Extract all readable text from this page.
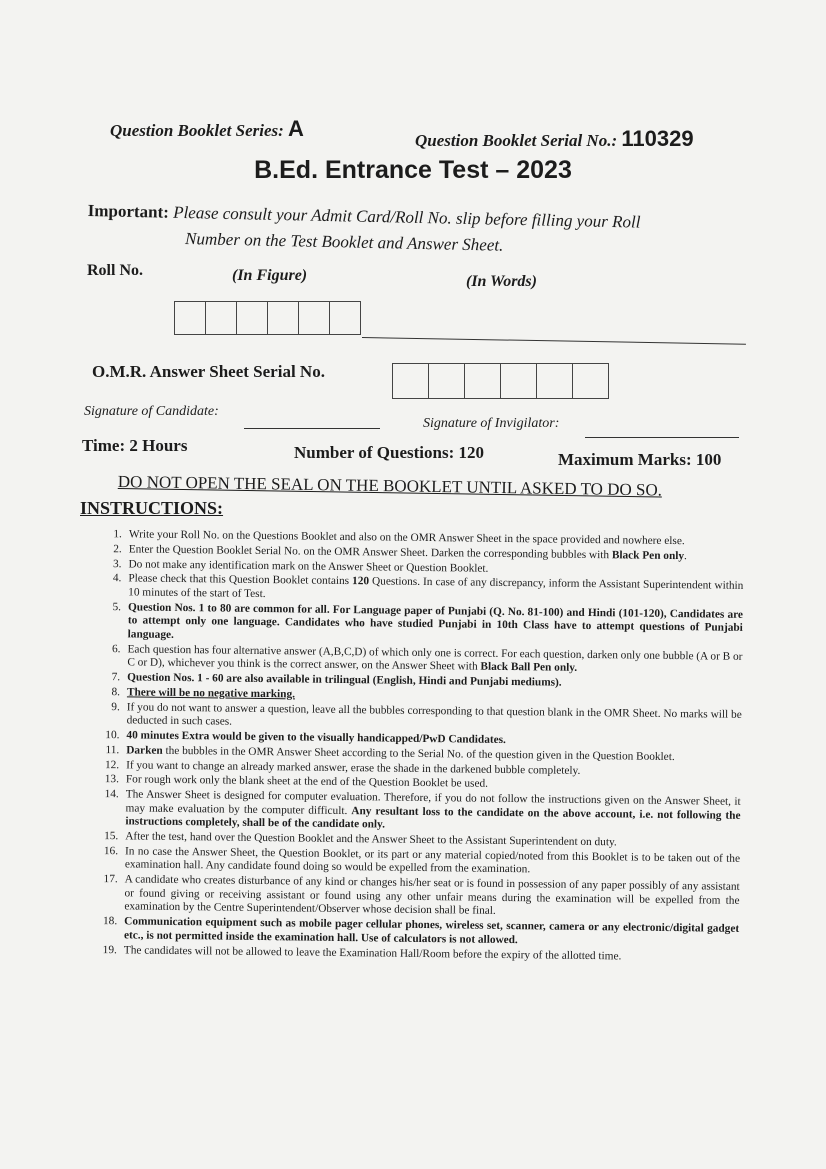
Question Booklet Series: A	Question Booklet Serial No.: 110329
B.Ed. Entrance Test – 2023
Important: Please consult your Admit Card/Roll No. slip before filling your Roll
Number on the Test Booklet and Answer Sheet.
Roll No.	(In Figure)	(In Words)
O.M.R. Answer Sheet Serial No.
Signature of Candidate:
Signature of Invigilator:
Time: 2 Hours	Number of Questions: 120	Maximum Marks: 100
DO NOT OPEN THE SEAL ON THE BOOKLET UNTIL ASKED TO DO SO.
INSTRUCTIONS:
1. Write your Roll No. on the Questions Booklet and also on the OMR Answer Sheet in the space provided and nowhere else.
2. Enter the Question Booklet Serial No. on the OMR Answer Sheet. Darken the corresponding bubbles with Black Pen only.
3. Do not make any identification mark on the Answer Sheet or Question Booklet.
4. Please check that this Question Booklet contains 120 Questions. In case of any discrepancy, inform the Assistant Superintendent within 10 minutes of the start of Test.
5. Question Nos. 1 to 80 are common for all. For Language paper of Punjabi (Q. No. 81-100) and Hindi (101-120), Candidates are to attempt only one language. Candidates who have studied Punjabi in 10th Class have to attempt questions of Punjabi language.
6. Each question has four alternative answer (A,B,C,D) of which only one is correct. For each question, darken only one bubble (A or B or C or D), whichever you think is the correct answer, on the Answer Sheet with Black Ball Pen only.
7. Question Nos. 1 - 60 are also available in trilingual (English, Hindi and Punjabi mediums).
8. There will be no negative marking.
9. If you do not want to answer a question, leave all the bubbles corresponding to that question blank in the OMR Sheet. No marks will be deducted in such cases.
10. 40 minutes Extra would be given to the visually handicapped/PwD Candidates.
11. Darken the bubbles in the OMR Answer Sheet according to the Serial No. of the question given in the Question Booklet.
12. If you want to change an already marked answer, erase the shade in the darkened bubble completely.
13. For rough work only the blank sheet at the end of the Question Booklet be used.
14. The Answer Sheet is designed for computer evaluation. Therefore, if you do not follow the instructions given on the Answer Sheet, it may make evaluation by the computer difficult. Any resultant loss to the candidate on the above account, i.e. not following the instructions completely, shall be of the candidate only.
15. After the test, hand over the Question Booklet and the Answer Sheet to the Assistant Superintendent on duty.
16. In no case the Answer Sheet, the Question Booklet, or its part or any material copied/noted from this Booklet is to be taken out of the examination hall. Any candidate found doing so would be expelled from the examination.
17. A candidate who creates disturbance of any kind or changes his/her seat or is found in possession of any paper possibly of any assistant or found giving or receiving assistant or found using any other unfair means during the examination will be expelled from the examination by the Centre Superintendent/Observer whose decision shall be final.
18. Communication equipment such as mobile pager cellular phones, wireless set, scanner, camera or any electronic/digital gadget etc., is not permitted inside the examination hall. Use of calculators is not allowed.
19. The candidates will not be allowed to leave the Examination Hall/Room before the expiry of the allotted time.
